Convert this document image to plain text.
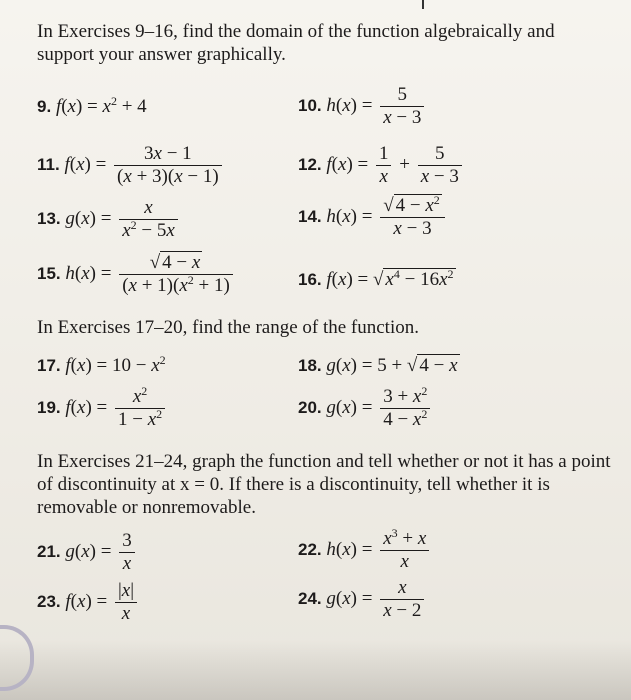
In Exercises 9–16, find the domain of the function algebraically and support your answer graphically.
9. $f(x) = x^2 + 4$	10. $h(x) = \frac{5}{x - 3}$
11. $f(x) = \frac{3x - 1}{(x + 3)(x - 1)}$	12. $f(x) = \frac{1}{x} + \frac{5}{x - 3}$
13. $g(x) = \frac{x}{x^2 - 5x}$	14. $h(x) = \frac{√ 4 - x^2}{x - 3}$
15. $h(x) = \frac{√ 4 - x}{(x + 1)(x^2 + 1)}$	16. f(x) = √ $x^4 - 16x^2$
In Exercises 17–20, find the range of the function.
17. $f(x) = 10 - x^2$	18. g(x) = 5 + √ 4 − x
19. $f(x) = \frac{x^2}{1 - x^2}$	20. $g(x) = \frac{3 + x^2}{4 - x^2}$
In Exercises 21–24, graph the function and tell whether or not it has a point of discontinuity at x = 0. If there is a discontinuity, tell whether it is removable or nonremovable.
21. $g(x) = \frac{3}{x}$	22. $h(x) = \frac{x^3 + x}{x}$
23. $f(x) = \frac{|x|}{x}$	24. $g(x) = \frac{x}{x - 2}$
